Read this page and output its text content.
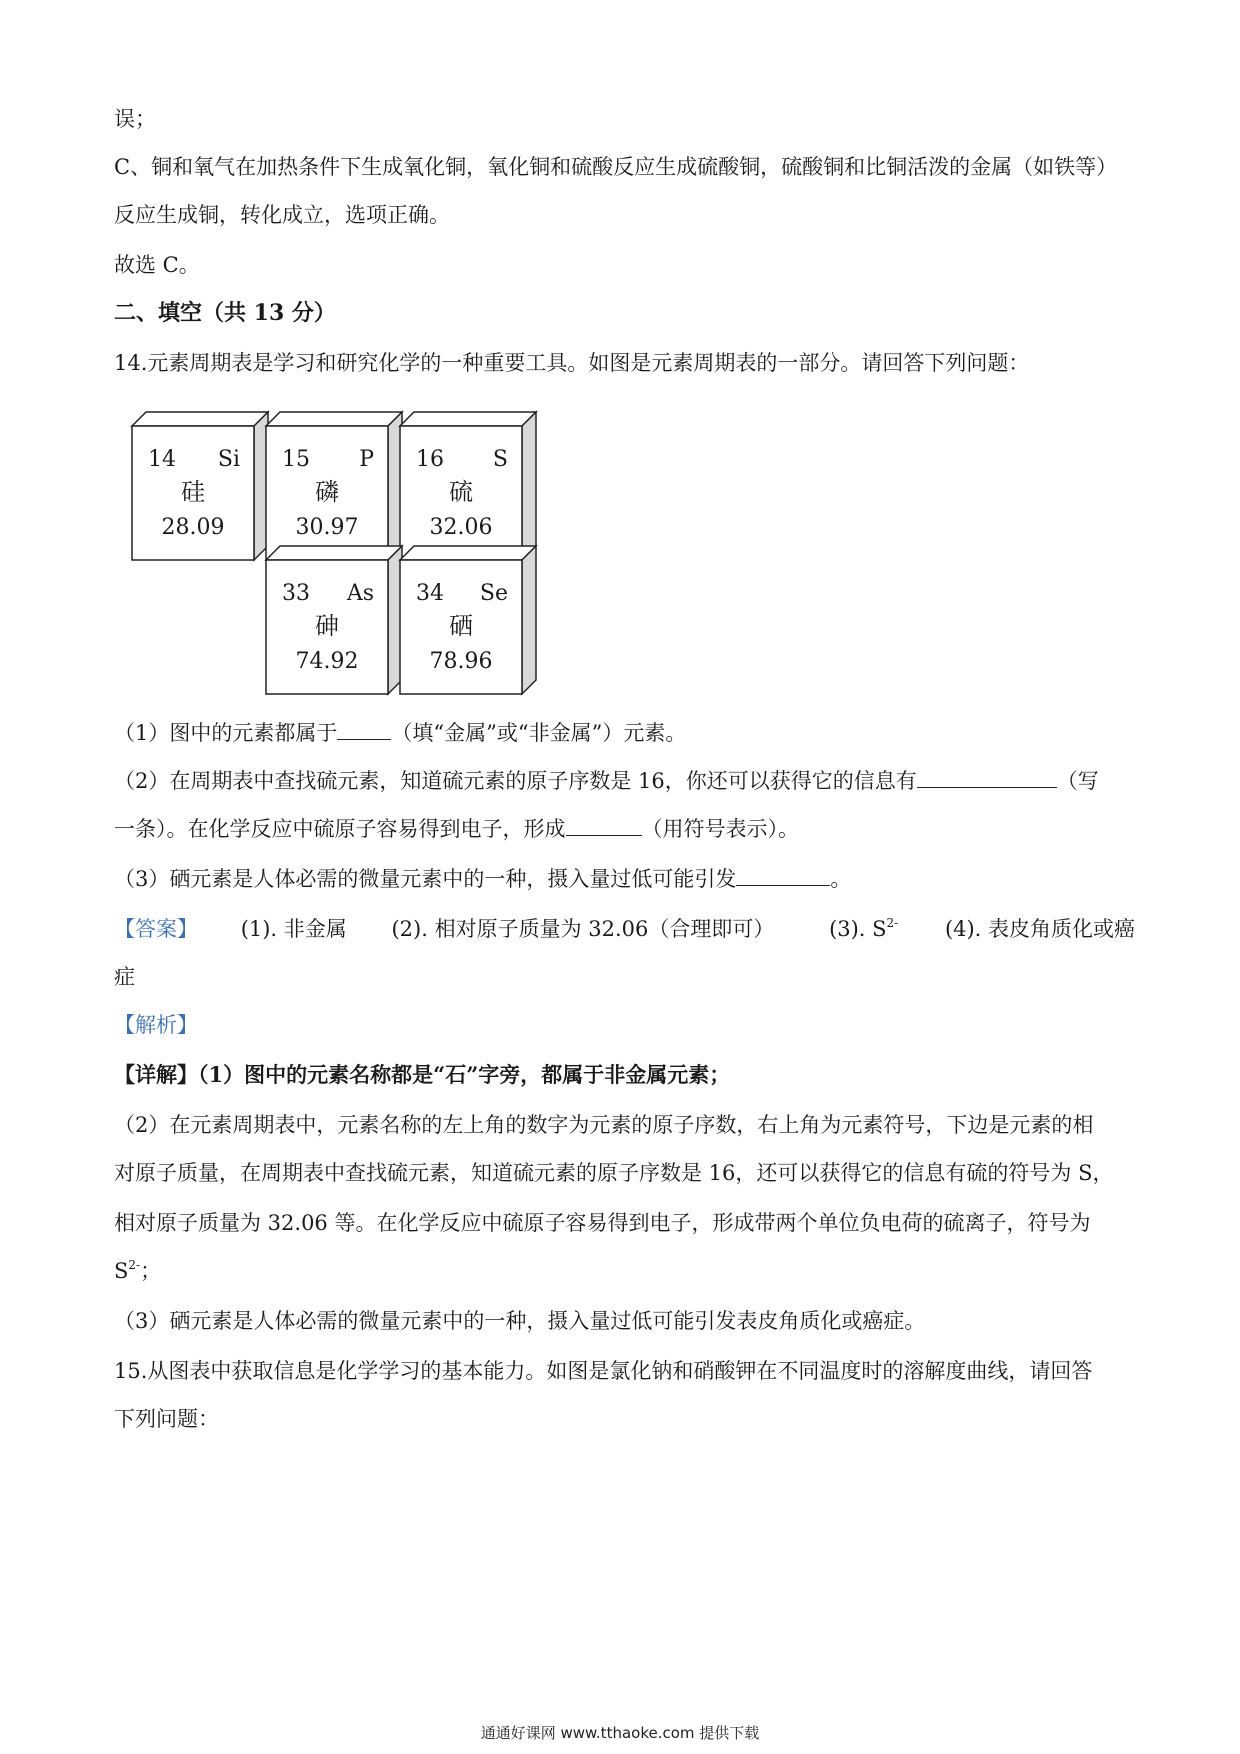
误；
C、铜和氧气在加热条件下生成氧化铜，氧化铜和硫酸反应生成硫酸铜，硫酸铜和比铜活泼的金属（如铁等）
反应生成铜，转化成立，选项正确。
故选 C。
二、填空（共 13 分）
14.元素周期表是学习和研究化学的一种重要工具。如图是元素周期表的一部分。请回答下列问题：
14 Si
硅
28.09
15 P
磷
30.97
16 S
硫
32.06
33 As
砷
74.92
34 Se
硒
78.96
（1）图中的元素都属于	（填“金属”或“非金属”）元素。
（2）在周期表中查找硫元素，知道硫元素的原子序数是 16，你还可以获得它的信息有	（写
一条）。在化学反应中硫原子容易得到电子，形成	（用符号表示）。
（3）硒元素是人体必需的微量元素中的一种，摄入量过低可能引发	。
【答案】 (1). 非金属 (2). 相对原子质量为 32.06（合理即可）	(3). $S^{2-}$ (4). 表皮角质化或癌
症
【解析】
【详解】（1）图中的元素名称都是“石”字旁，都属于非金属元素；
（2）在元素周期表中，元素名称的左上角的数字为元素的原子序数，右上角为元素符号，下边是元素的相
对原子质量，在周期表中查找硫元素，知道硫元素的原子序数是 16，还可以获得它的信息有硫的符号为 S，
相对原子质量为 32.06 等。在化学反应中硫原子容易得到电子，形成带两个单位负电荷的硫离子，符号为
$S^{2-}$；
（3）硒元素是人体必需的微量元素中的一种，摄入量过低可能引发表皮角质化或癌症。
15.从图表中获取信息是化学学习的基本能力。如图是氯化钠和硝酸钾在不同温度时的溶解度曲线，请回答
下列问题：
通通好课网 www.tthaoke.com 提供下载
